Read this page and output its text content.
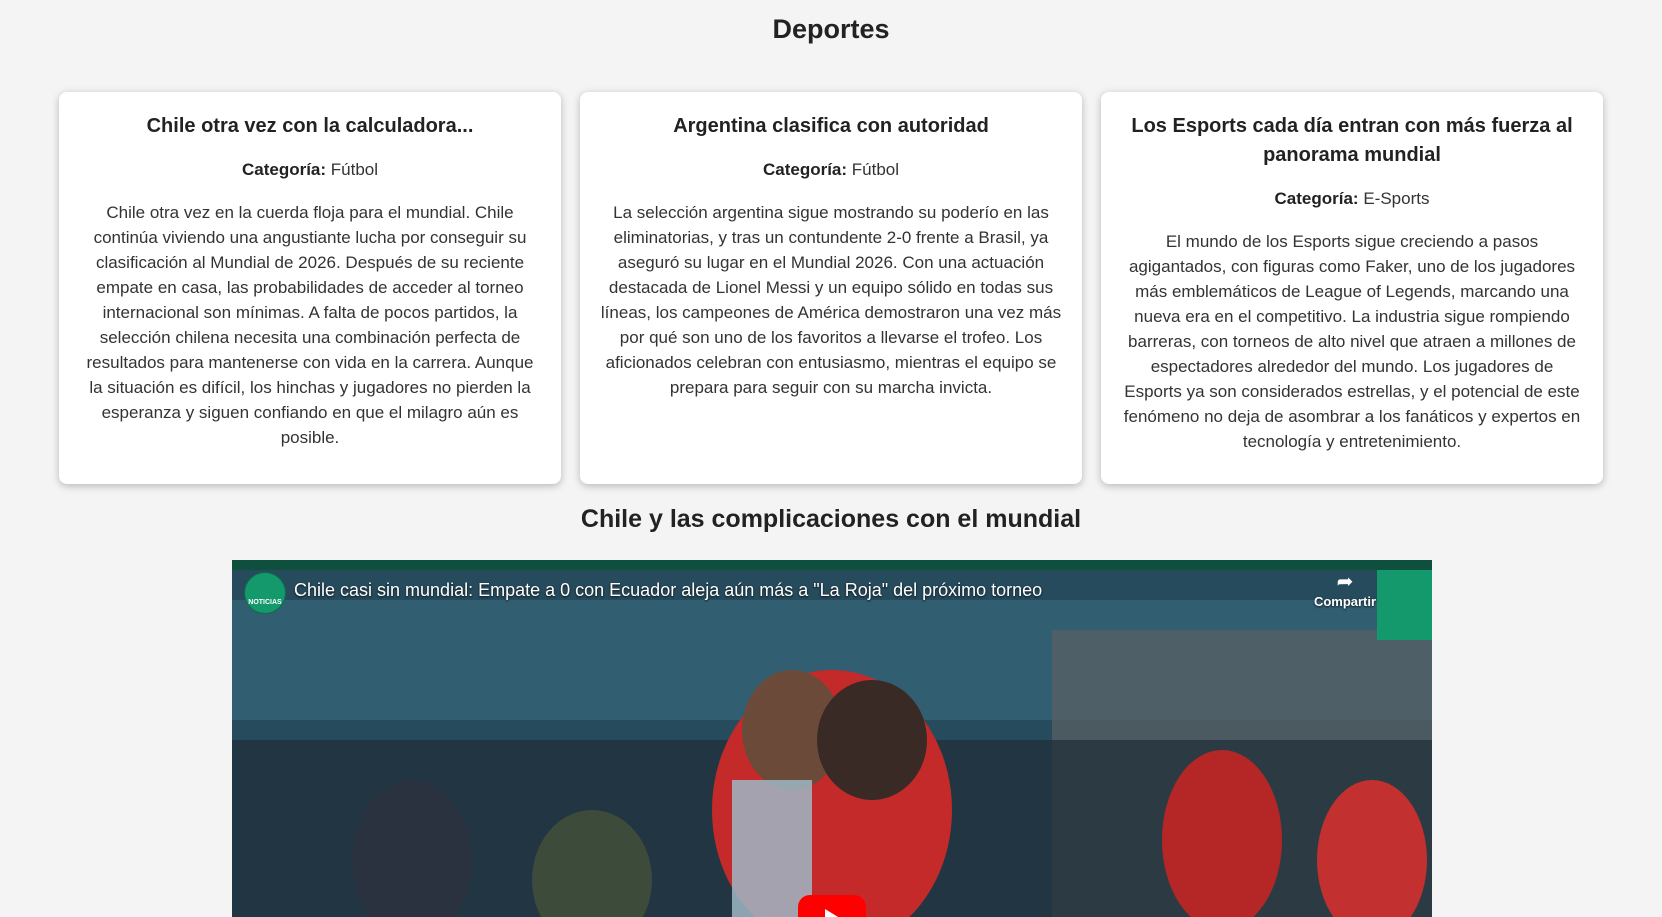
Deportes
Chile otra vez con la calculadora...

Categoría: Fútbol

Chile otra vez en la cuerda floja para el mundial. Chile continúa viviendo una angustiante lucha por conseguir su clasificación al Mundial de 2026. Después de su reciente empate en casa, las probabilidades de acceder al torneo internacional son mínimas. A falta de pocos partidos, la selección chilena necesita una combinación perfecta de resultados para mantenerse con vida en la carrera. Aunque la situación es difícil, los hinchas y jugadores no pierden la esperanza y siguen confiando en que el milagro aún es posible.

Argentina clasifica con autoridad

Categoría: Fútbol

La selección argentina sigue mostrando su poderío en las eliminatorias, y tras un contundente 2-0 frente a Brasil, ya aseguró su lugar en el Mundial 2026. Con una actuación destacada de Lionel Messi y un equipo sólido en todas sus líneas, los campeones de América demostraron una vez más por qué son uno de los favoritos a llevarse el trofeo. Los aficionados celebran con entusiasmo, mientras el equipo se prepara para seguir con su marcha invicta.

Los Esports cada día entran con más fuerza al panorama mundial

Categoría: E-Sports

El mundo de los Esports sigue creciendo a pasos agigantados, con figuras como Faker, uno de los jugadores más emblemáticos de League of Legends, marcando una nueva era en el competitivo. La industria sigue rompiendo barreras, con torneos de alto nivel que atraen a millones de espectadores alrededor del mundo. Los jugadores de Esports ya son considerados estrellas, y el potencial de este fenómeno no deja de asombrar a los fanáticos y expertos en tecnología y entretenimiento.

Chile y las complicaciones con el mundial
NOTICIAS
Chile casi sin mundial: Empate a 0 con Ecuador aleja aún más a "La Roja" del próximo torneo	➦
Compartir
